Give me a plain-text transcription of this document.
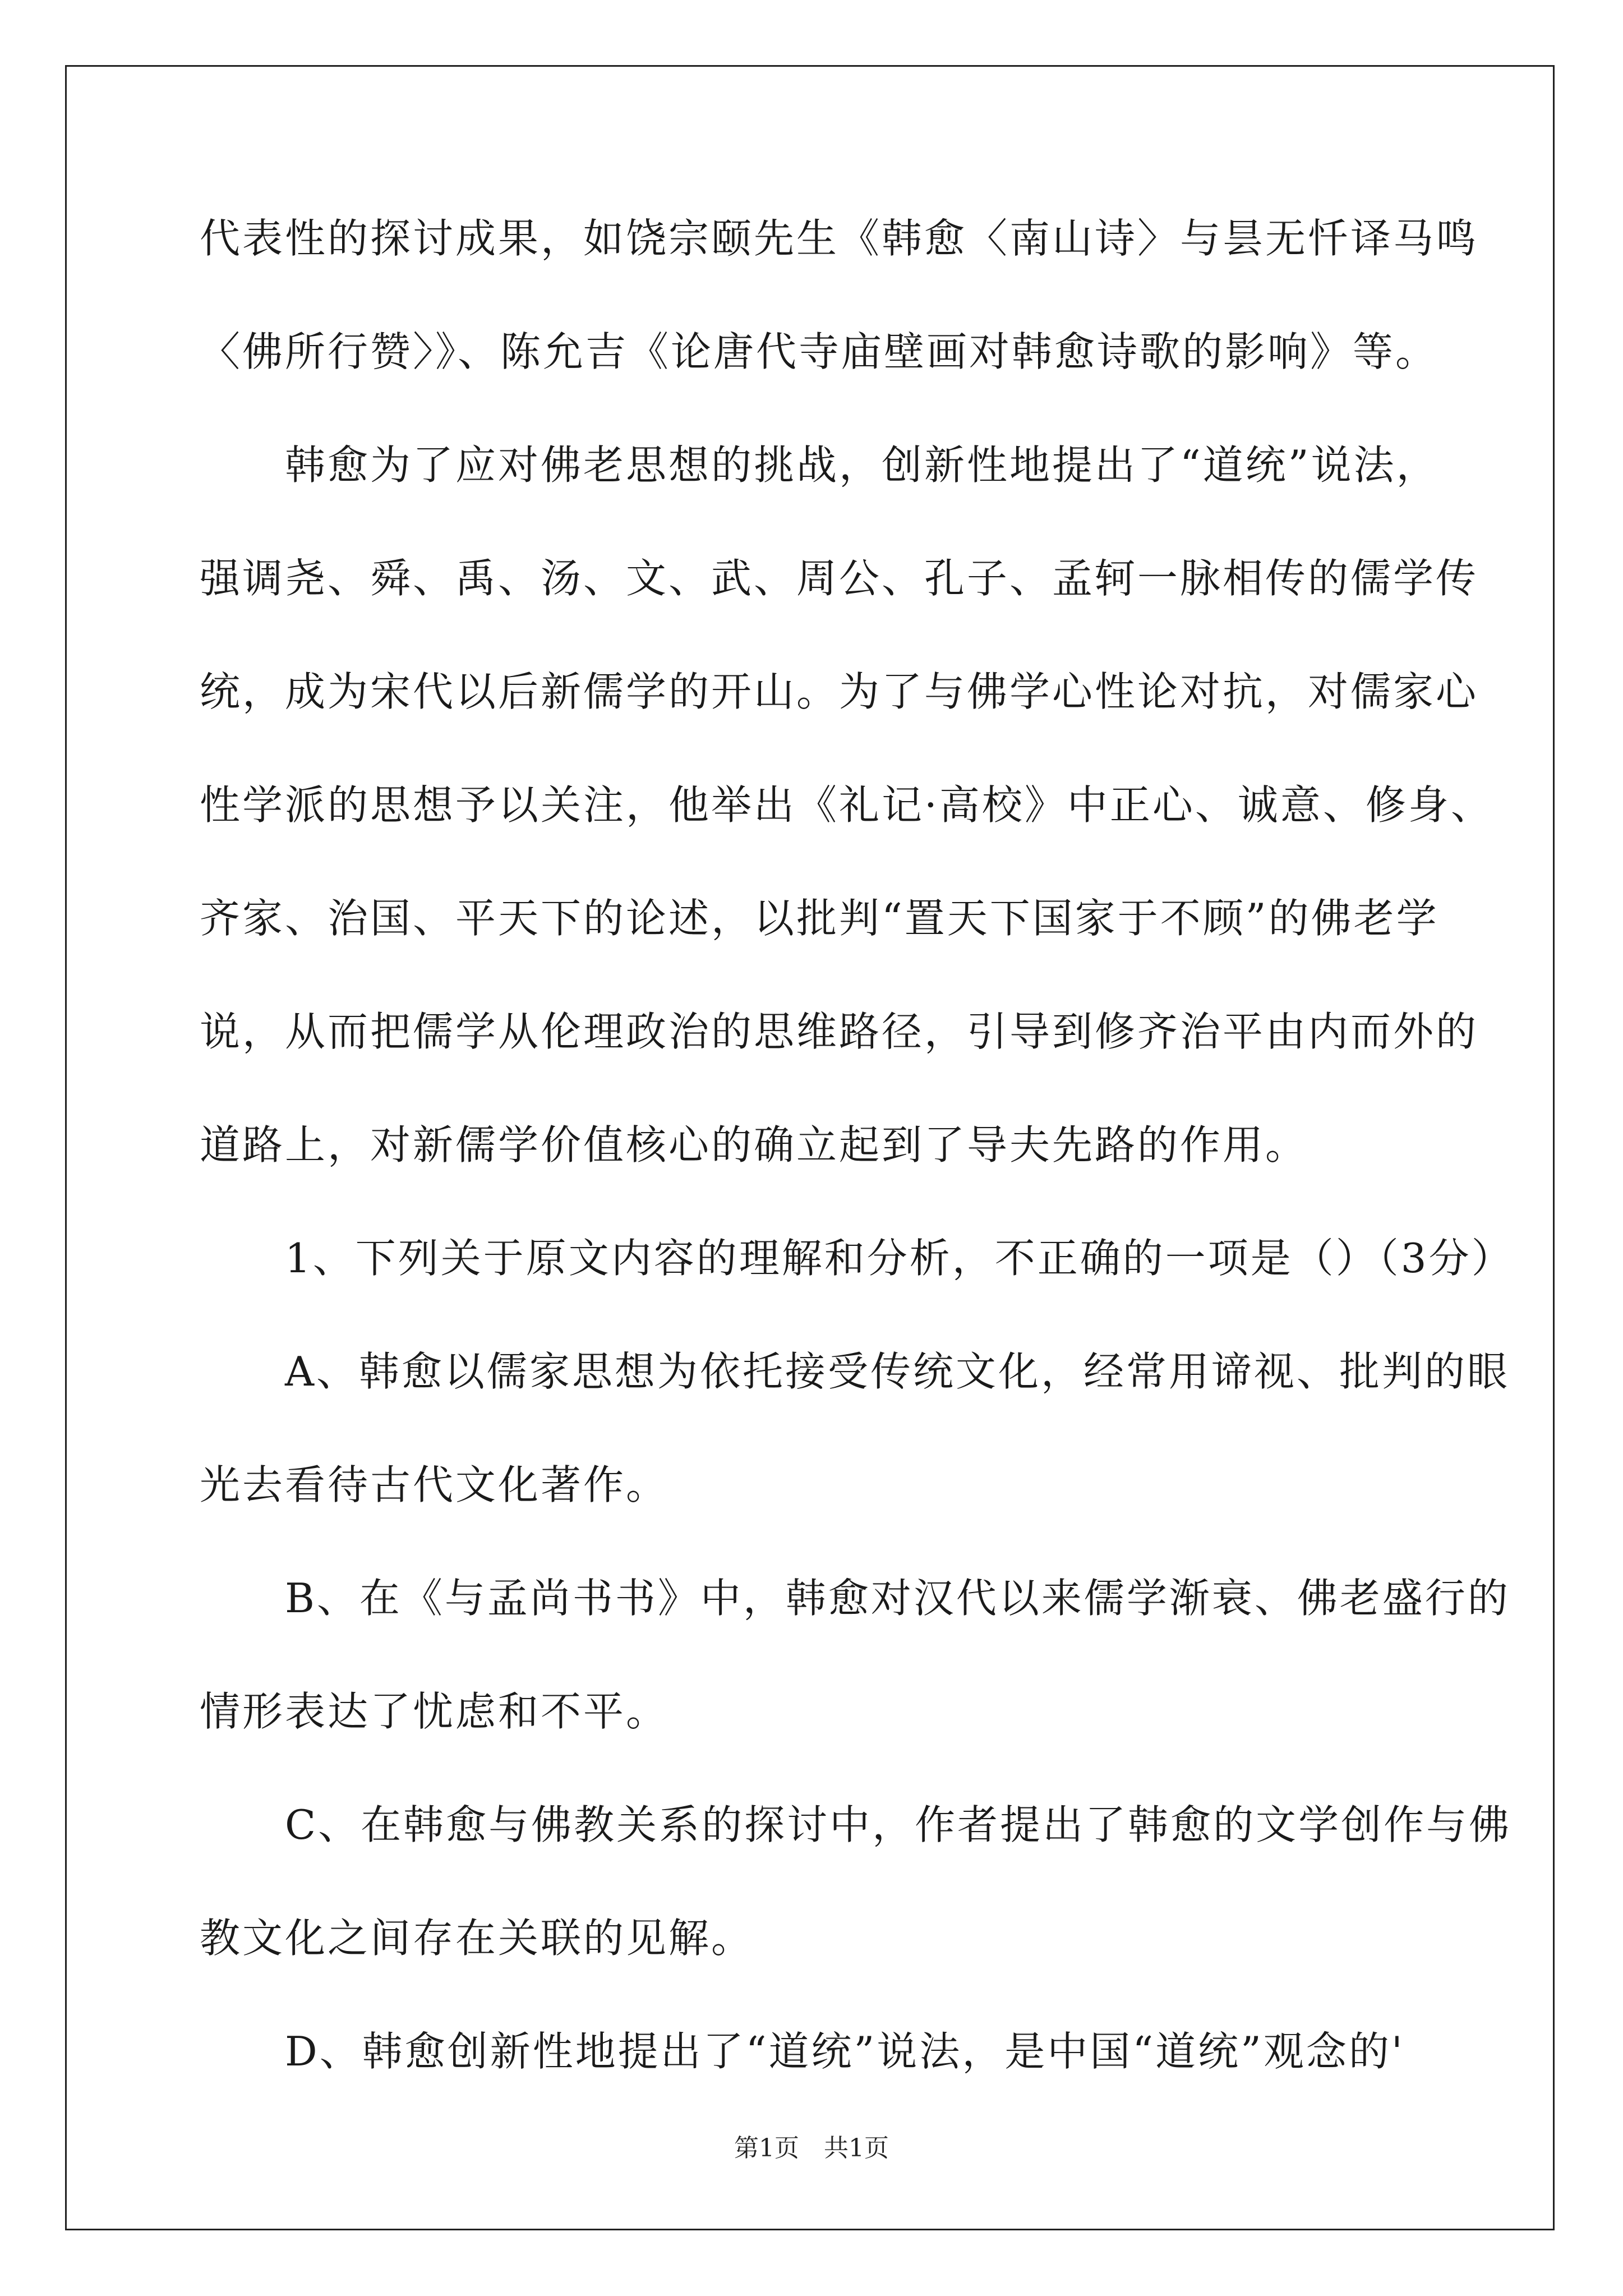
代表性的探讨成果，如饶宗颐先生《韩愈〈南山诗〉与昙无忏译马鸣
〈佛所行赞〉》、陈允吉《论唐代寺庙壁画对韩愈诗歌的影响》等。
　　韩愈为了应对佛老思想的挑战，创新性地提出了“道统”说法，
强调尧、舜、禹、汤、文、武、周公、孔子、孟轲一脉相传的儒学传
统，成为宋代以后新儒学的开山。为了与佛学心性论对抗，对儒家心
性学派的思想予以关注，他举出《礼记·高校》中正心、诚意、修身、
齐家、治国、平天下的论述，以批判“置天下国家于不顾”的佛老学
说，从而把儒学从伦理政治的思维路径，引导到修齐治平由内而外的
道路上，对新儒学价值核心的确立起到了导夫先路的作用。
　　1、下列关于原文内容的理解和分析，不正确的一项是（）（3分）
　　A、韩愈以儒家思想为依托接受传统文化，经常用谛视、批判的眼
光去看待古代文化著作。
　　B、在《与孟尚书书》中，韩愈对汉代以来儒学渐衰、佛老盛行的
情形表达了忧虑和不平。
　　C、在韩愈与佛教关系的探讨中，作者提出了韩愈的文学创作与佛
教文化之间存在关联的见解。
　　D、韩愈创新性地提出了“道统”说法，是中国“道统”观念的'
第1页　共1页
